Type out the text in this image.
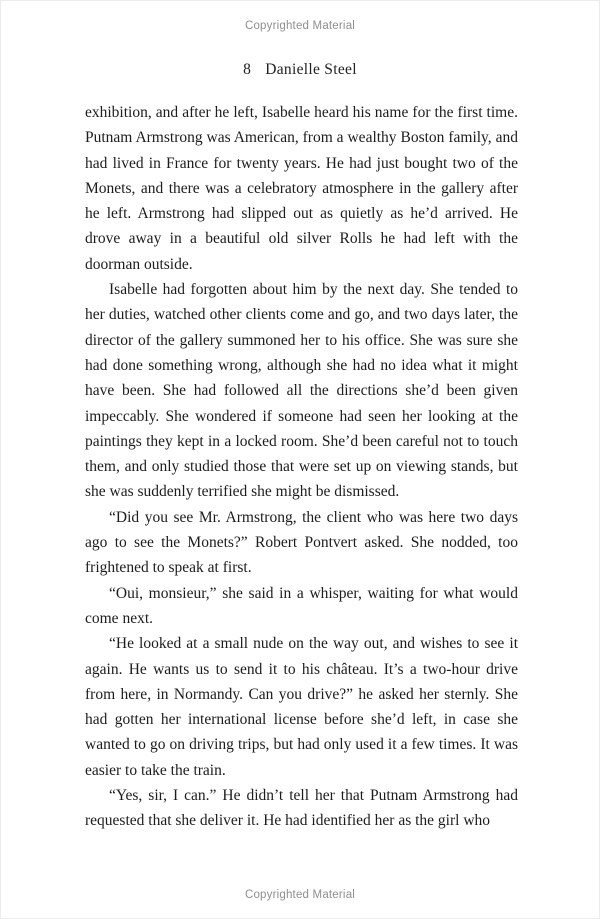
Copyrighted Material
8 Danielle Steel

exhibition, and after he left, Isabelle heard his name for the first time. Putnam Armstrong was American, from a wealthy Boston family, and had lived in France for twenty years. He had just bought two of the Monets, and there was a celebratory atmosphere in the gallery after he left. Armstrong had slipped out as quietly as he’d arrived. He drove away in a beautiful old silver Rolls he had left with the doorman outside.

Isabelle had forgotten about him by the next day. She tended to her duties, watched other clients come and go, and two days later, the director of the gallery summoned her to his office. She was sure she had done something wrong, although she had no idea what it might have been. She had followed all the directions she’d been given impeccably. She wondered if someone had seen her looking at the paintings they kept in a locked room. She’d been careful not to touch them, and only studied those that were set up on viewing stands, but she was suddenly terrified she might be dismissed.

“Did you see Mr. Armstrong, the client who was here two days ago to see the Monets?” Robert Pontvert asked. She nodded, too frightened to speak at first.

“Oui, monsieur,” she said in a whisper, waiting for what would come next.

“He looked at a small nude on the way out, and wishes to see it again. He wants us to send it to his château. It’s a two-hour drive from here, in Normandy. Can you drive?” he asked her sternly. She had gotten her international license before she’d left, in case she wanted to go on driving trips, but had only used it a few times. It was easier to take the train.

“Yes, sir, I can.” He didn’t tell her that Putnam Armstrong had requested that she deliver it. He had identified her as the girl who

Copyrighted Material
